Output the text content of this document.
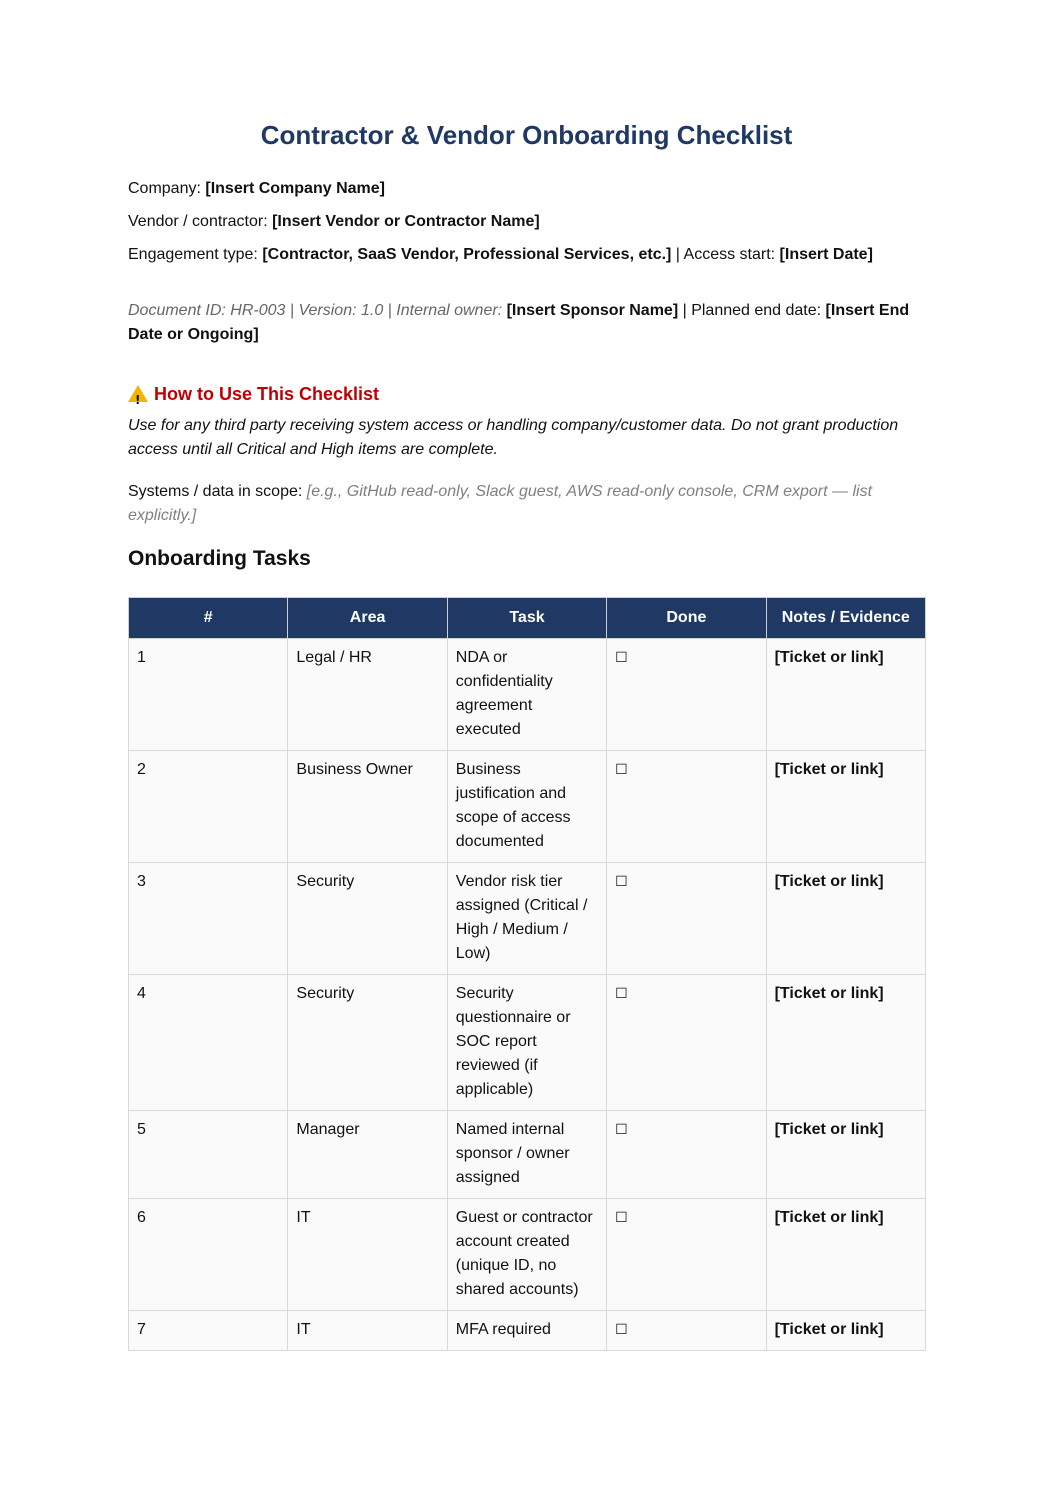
Contractor & Vendor Onboarding Checklist

Company: [Insert Company Name]

Vendor / contractor: [Insert Vendor or Contractor Name]

Engagement type: [Contractor, SaaS Vendor, Professional Services, etc.] | Access start: [Insert Date]

Document ID: HR-003 | Version: 1.0 | Internal owner: [Insert Sponsor Name] | Planned end date: [Insert End Date or Ongoing]

!How to Use This Checklist

Use for any third party receiving system access or handling company/customer data. Do not grant production access until all Critical and High items are complete.

Systems / data in scope: [e.g., GitHub read-only, Slack guest, AWS read-only console, CRM export — list explicitly.]

Onboarding Tasks
#	Area	Task	Done	Notes / Evidence
1	Legal / HR	NDA or confidentiality agreement executed	☐	[Ticket or link]
2	Business Owner	Business justification and scope of access documented	☐	[Ticket or link]
3	Security	Vendor risk tier assigned (Critical / High / Medium / Low)	☐	[Ticket or link]
4	Security	Security questionnaire or SOC report reviewed (if applicable)	☐	[Ticket or link]
5	Manager	Named internal sponsor / owner assigned	☐	[Ticket or link]
6	IT	Guest or contractor account created (unique ID, no shared accounts)	☐	[Ticket or link]
7	IT	MFA required	☐	[Ticket or link]
